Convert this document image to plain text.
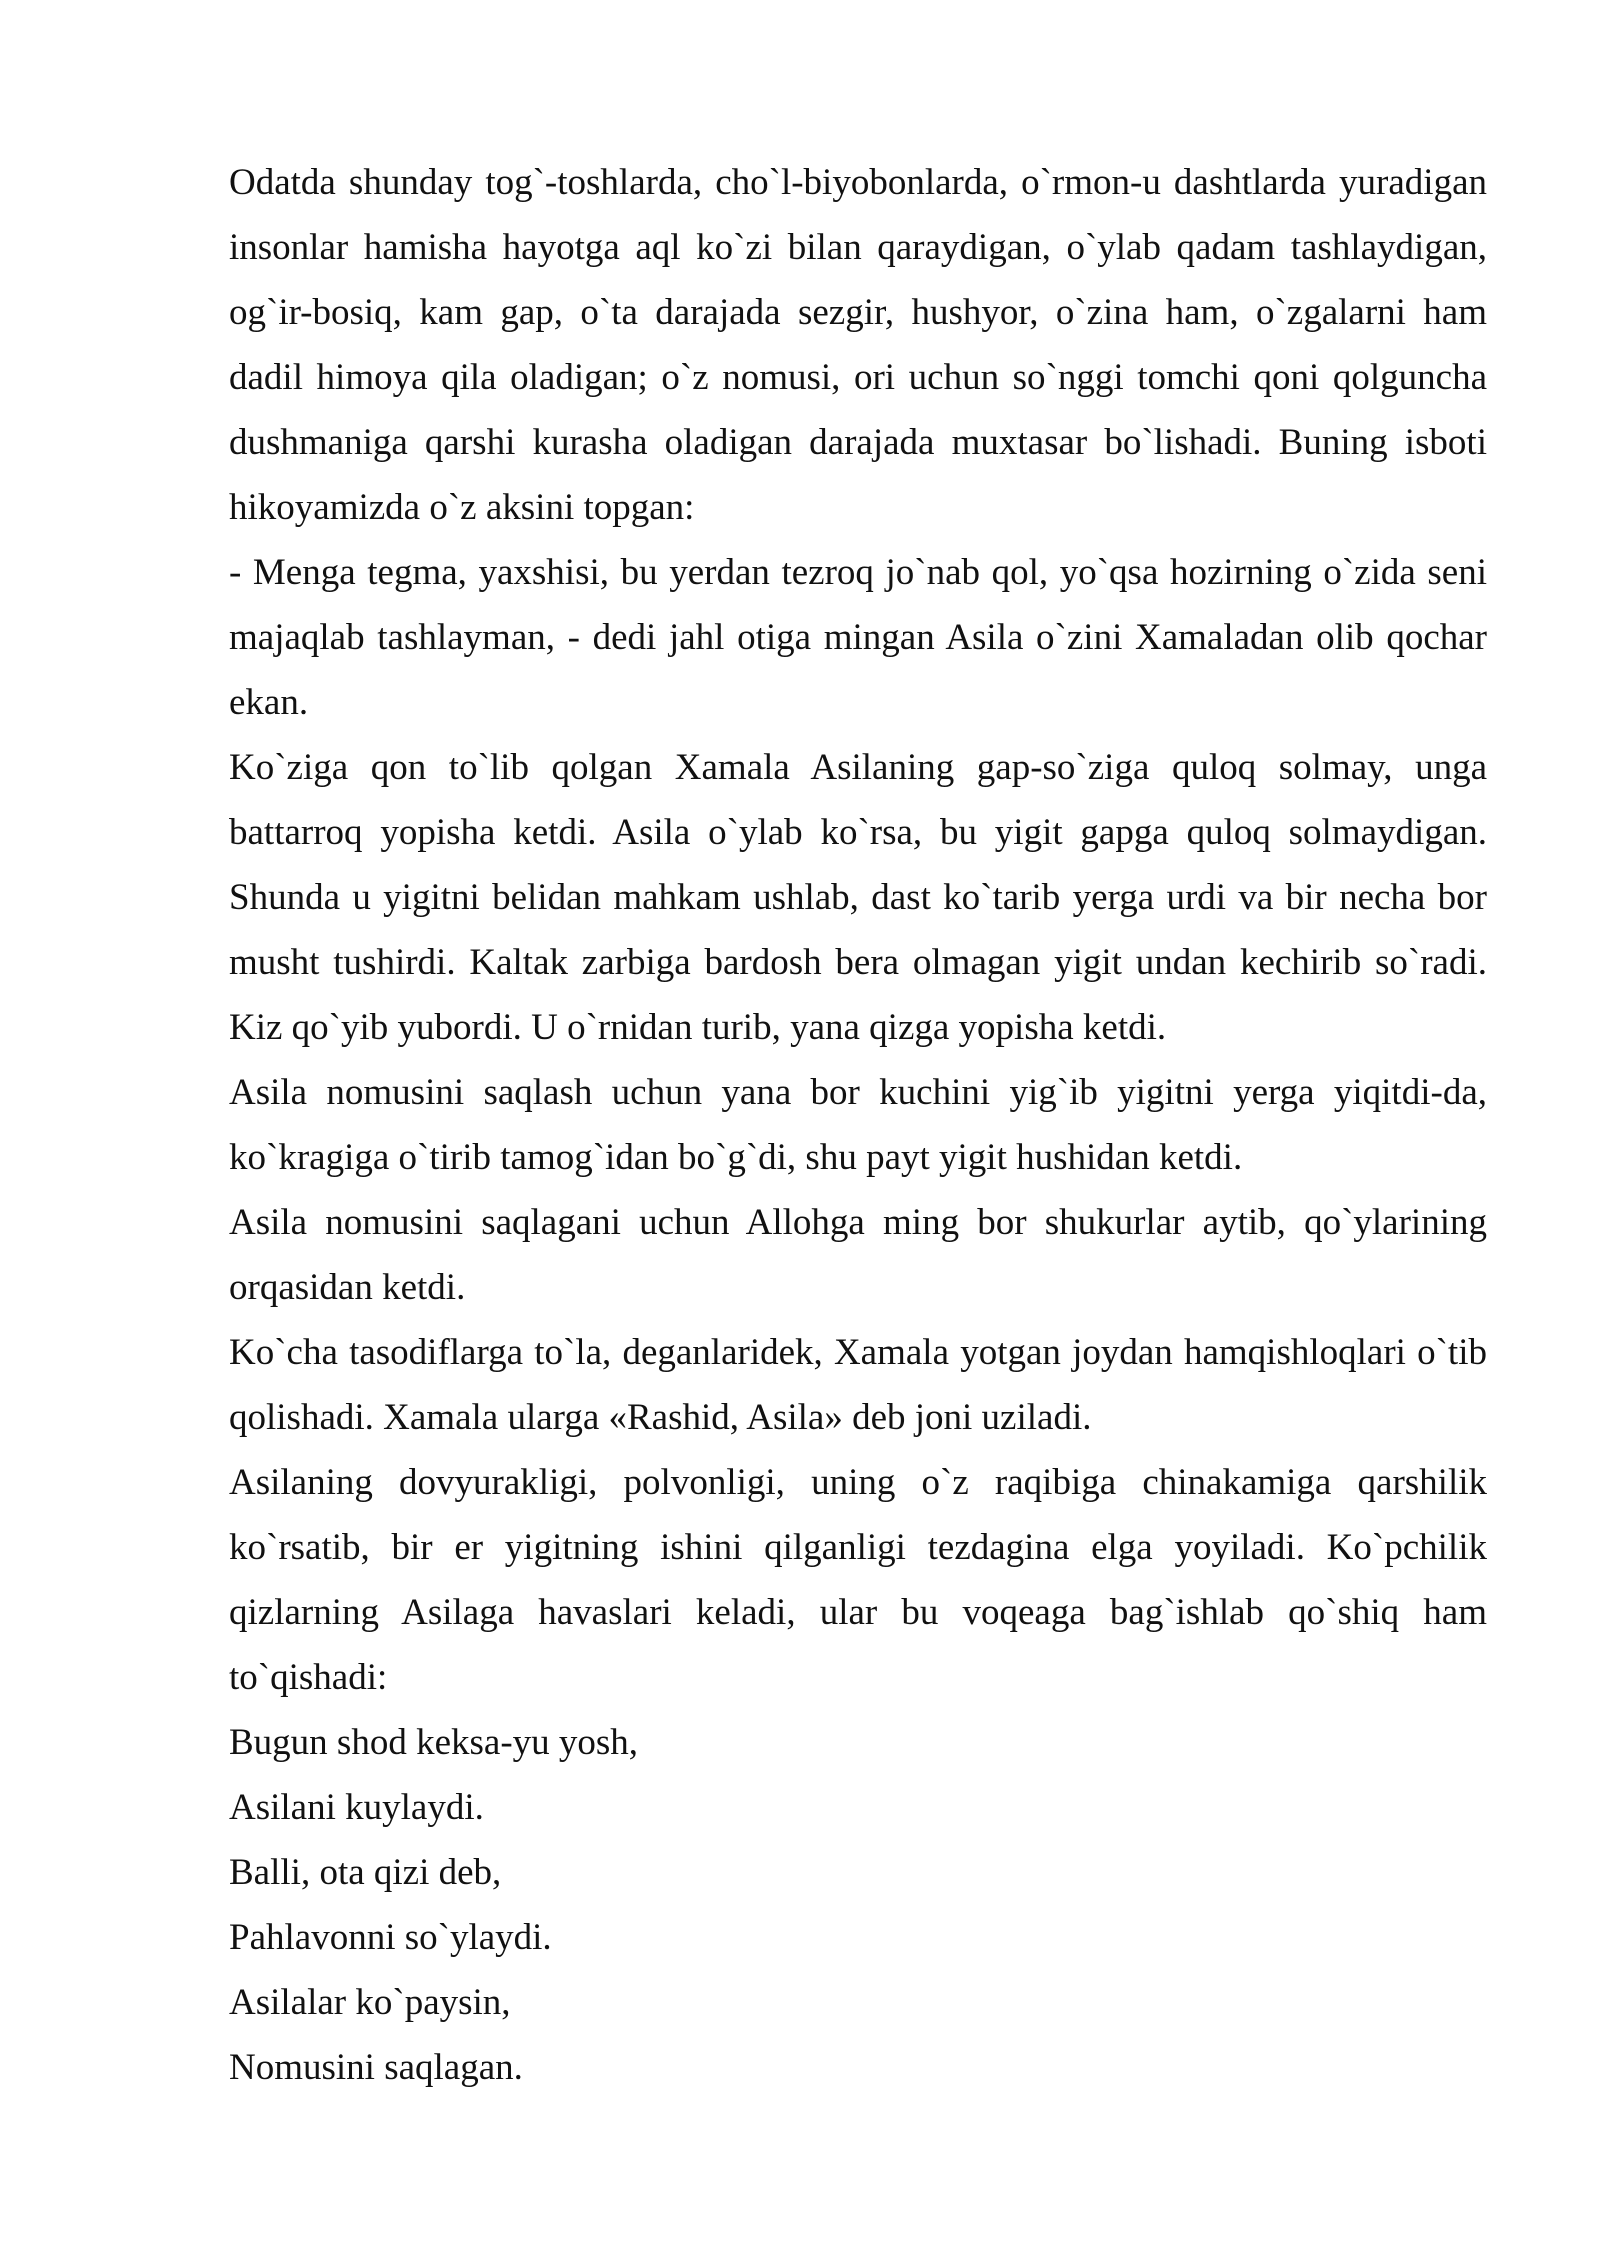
Odatda shunday tog`-toshlarda, cho`l-biyobonlarda, o`rmon-u dashtlarda yuradigan insonlar hamisha hayotga aql ko`zi bilan qaraydigan, o`ylab qadam tashlaydigan, og`ir-bosiq, kam gap, o`ta darajada sezgir, hushyor, o`zina ham, o`zgalarni ham dadil himoya qila oladigan; o`z nomusi, ori uchun so`nggi tomchi qoni qolguncha dushmaniga qarshi kurasha oladigan darajada muxtasar bo`lishadi. Buning isboti hikoyamizda o`z aksini topgan:

- Menga tegma, yaxshisi, bu yerdan tezroq jo`nab qol, yo`qsa hozirning o`zida seni majaqlab tashlayman, - dedi jahl otiga mingan Asila o`zini Xamaladan olib qochar ekan.

Ko`ziga qon to`lib qolgan Xamala Asilaning gap-so`ziga quloq solmay, unga battarroq yopisha ketdi. Asila o`ylab ko`rsa, bu yigit gapga quloq solmaydigan. Shunda u yigitni belidan mahkam ushlab, dast ko`tarib yerga urdi va bir necha bor musht tushirdi. Kaltak zarbiga bardosh bera olmagan yigit undan kechirib so`radi. Kiz qo`yib yubordi. U o`rnidan turib, yana qizga yopisha ketdi.

Asila nomusini saqlash uchun yana bor kuchini yig`ib yigitni yerga yiqitdi-da, ko`kragiga o`tirib tamog`idan bo`g`di, shu payt yigit hushidan ketdi.

Asila nomusini saqlagani uchun Allohga ming bor shukurlar aytib, qo`ylarining orqasidan ketdi.

Ko`cha tasodiflarga to`la, deganlaridek, Xamala yotgan joydan hamqishloqlari o`tib qolishadi. Xamala ularga «Rashid, Asila» deb joni uziladi.

Asilaning dovyurakligi, polvonligi, uning o`z raqibiga chinakamiga qarshilik ko`rsatib, bir er yigitning ishini qilganligi tezdagina elga yoyiladi. Ko`pchilik qizlarning Asilaga havaslari keladi, ular bu voqeaga bag`ishlab qo`shiq ham to`qishadi:

Bugun shod keksa-yu yosh,

Asilani kuylaydi.

Balli, ota qizi deb,

Pahlavonni so`ylaydi.

Asilalar ko`paysin,

Nomusini saqlagan.
